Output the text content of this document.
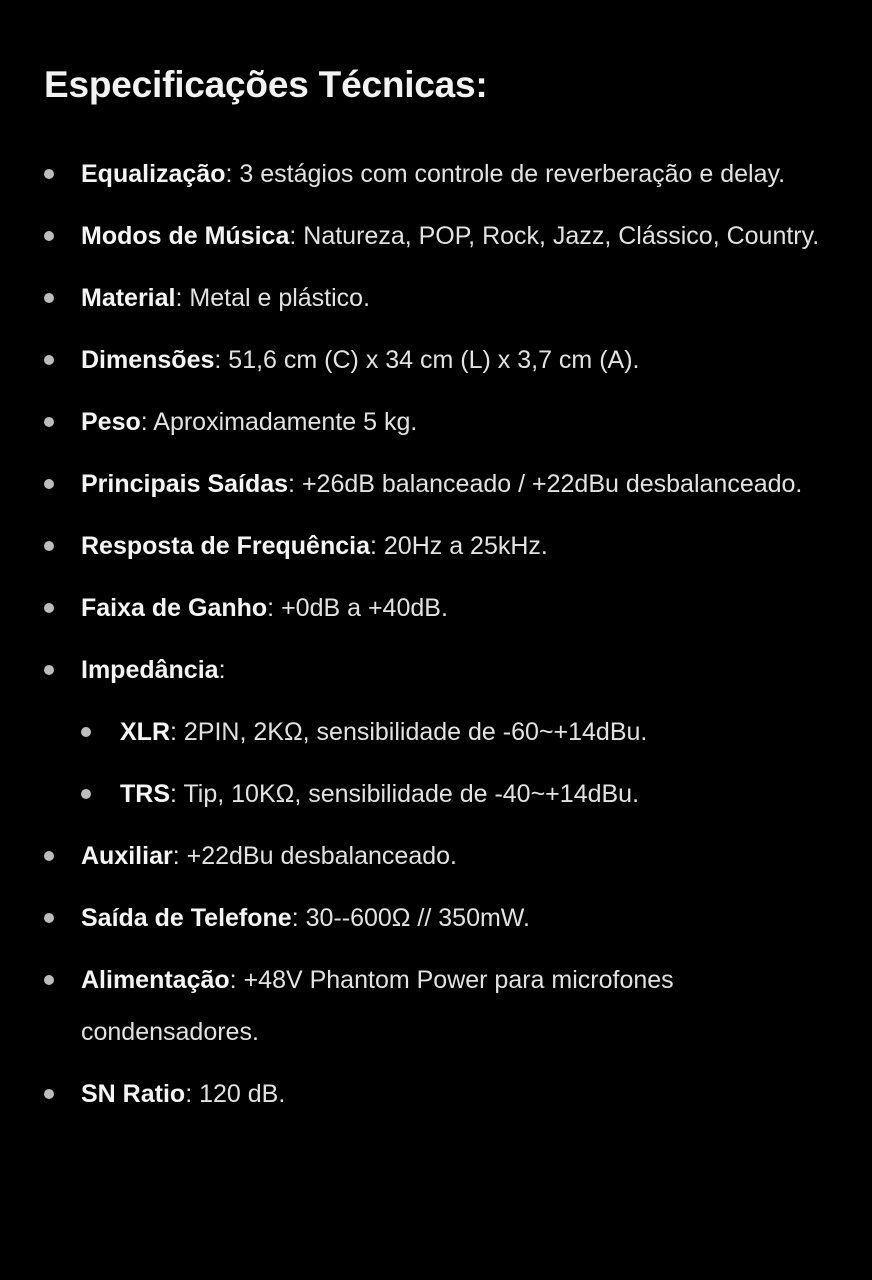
Especificações Técnicas:
Equalização: 3 estágios com controle de reverberação e delay.
Modos de Música: Natureza, POP, Rock, Jazz, Clássico, Country.
Material: Metal e plástico.
Dimensões: 51,6 cm (C) x 34 cm (L) x 3,7 cm (A).
Peso: Aproximadamente 5 kg.
Principais Saídas: +26dB balanceado / +22dBu desbalanceado.
Resposta de Frequência: 20Hz a 25kHz.
Faixa de Ganho: +0dB a +40dB.
Impedância:
XLR: 2PIN, 2KΩ, sensibilidade de -60~+14dBu.
TRS: Tip, 10KΩ, sensibilidade de -40~+14dBu.
Auxiliar: +22dBu desbalanceado.
Saída de Telefone: 30--600Ω // 350mW.
Alimentação: +48V Phantom Power para microfones condensadores.
SN Ratio: 120 dB.
